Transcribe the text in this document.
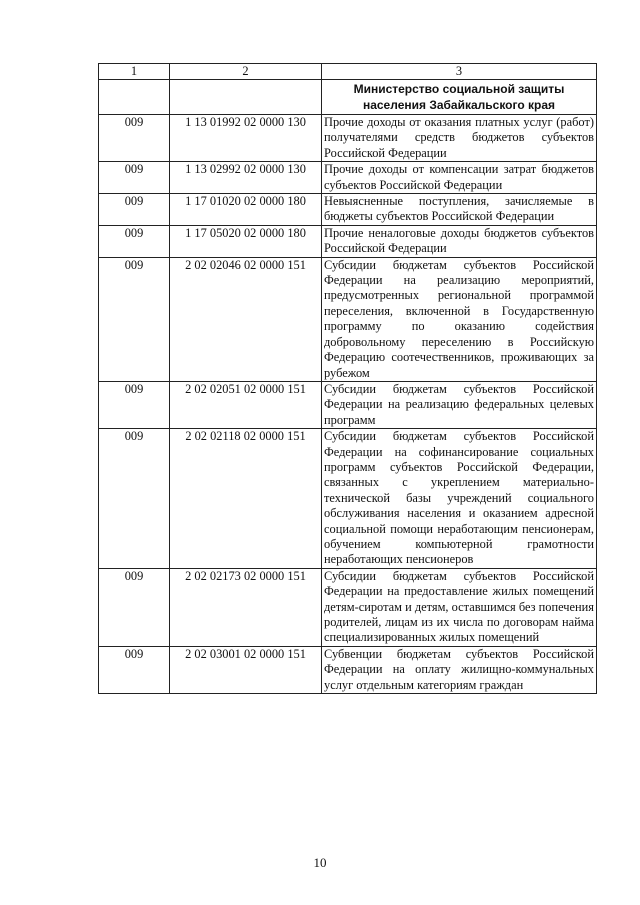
1	2	3
		Министерство социальной защиты населения Забайкальского края
009	1 13 01992 02 0000 130	Прочие доходы от оказания платных услуг (работ) получателями средств бюджетов субъектов Российской Федерации
009	1 13 02992 02 0000 130	Прочие доходы от компенсации затрат бюджетов субъектов Российской Федерации
009	1 17 01020 02 0000 180	Невыясненные поступления, зачисляемые в бюджеты субъектов Российской Федерации
009	1 17 05020 02 0000 180	Прочие неналоговые доходы бюджетов субъектов Российской Федерации
009	2 02 02046 02 0000 151	Субсидии бюджетам субъектов Российской Федерации на реализацию мероприятий, предусмотренных региональной программой переселения, включенной в Государственную программу по оказанию содействия добровольному переселению в Российскую Федерацию соотечественников, проживающих за рубежом
009	2 02 02051 02 0000 151	Субсидии бюджетам субъектов Российской Федерации на реализацию федеральных целевых программ
009	2 02 02118 02 0000 151	Субсидии бюджетам субъектов Российской Федерации на софинансирование социальных программ субъектов Российской Федерации, связанных с укреплением материально-технической базы учреждений социального обслуживания населения и оказанием адресной социальной помощи неработающим пенсионерам, обучением компьютерной грамотности неработающих пенсионеров
009	2 02 02173 02 0000 151	Субсидии бюджетам субъектов Российской Федерации на предоставление жилых помещений детям-сиротам и детям, оставшимся без попечения родителей, лицам из их числа по договорам найма специализированных жилых помещений
009	2 02 03001 02 0000 151	Субвенции бюджетам субъектов Российской Федерации на оплату жилищно-коммунальных услуг отдельным категориям граждан
10
